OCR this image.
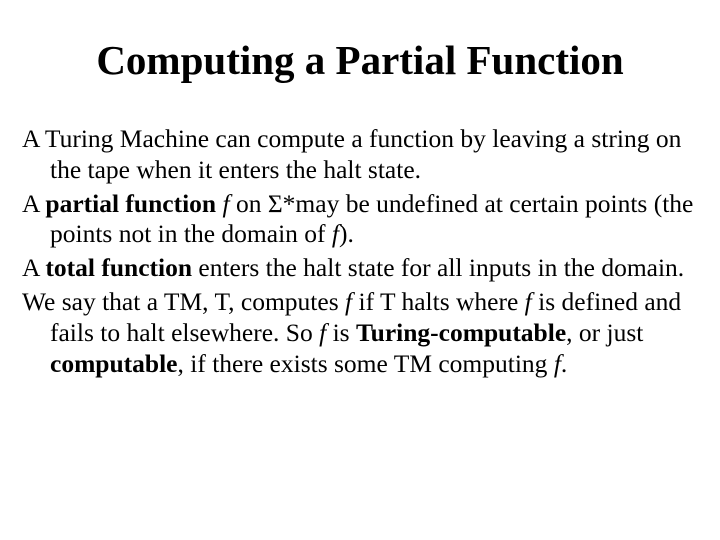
Computing a Partial Function

A Turing Machine can compute a function by leaving a string on the tape when it enters the halt state.

A partial function f on Σ*may be undefined at certain points (the points not in the domain of f).

A total function enters the halt state for all inputs in the domain.

We say that a TM, T, computes f if T halts where f is defined and fails to halt elsewhere. So f is Turing-computable, or just computable, if there exists some TM computing f.
